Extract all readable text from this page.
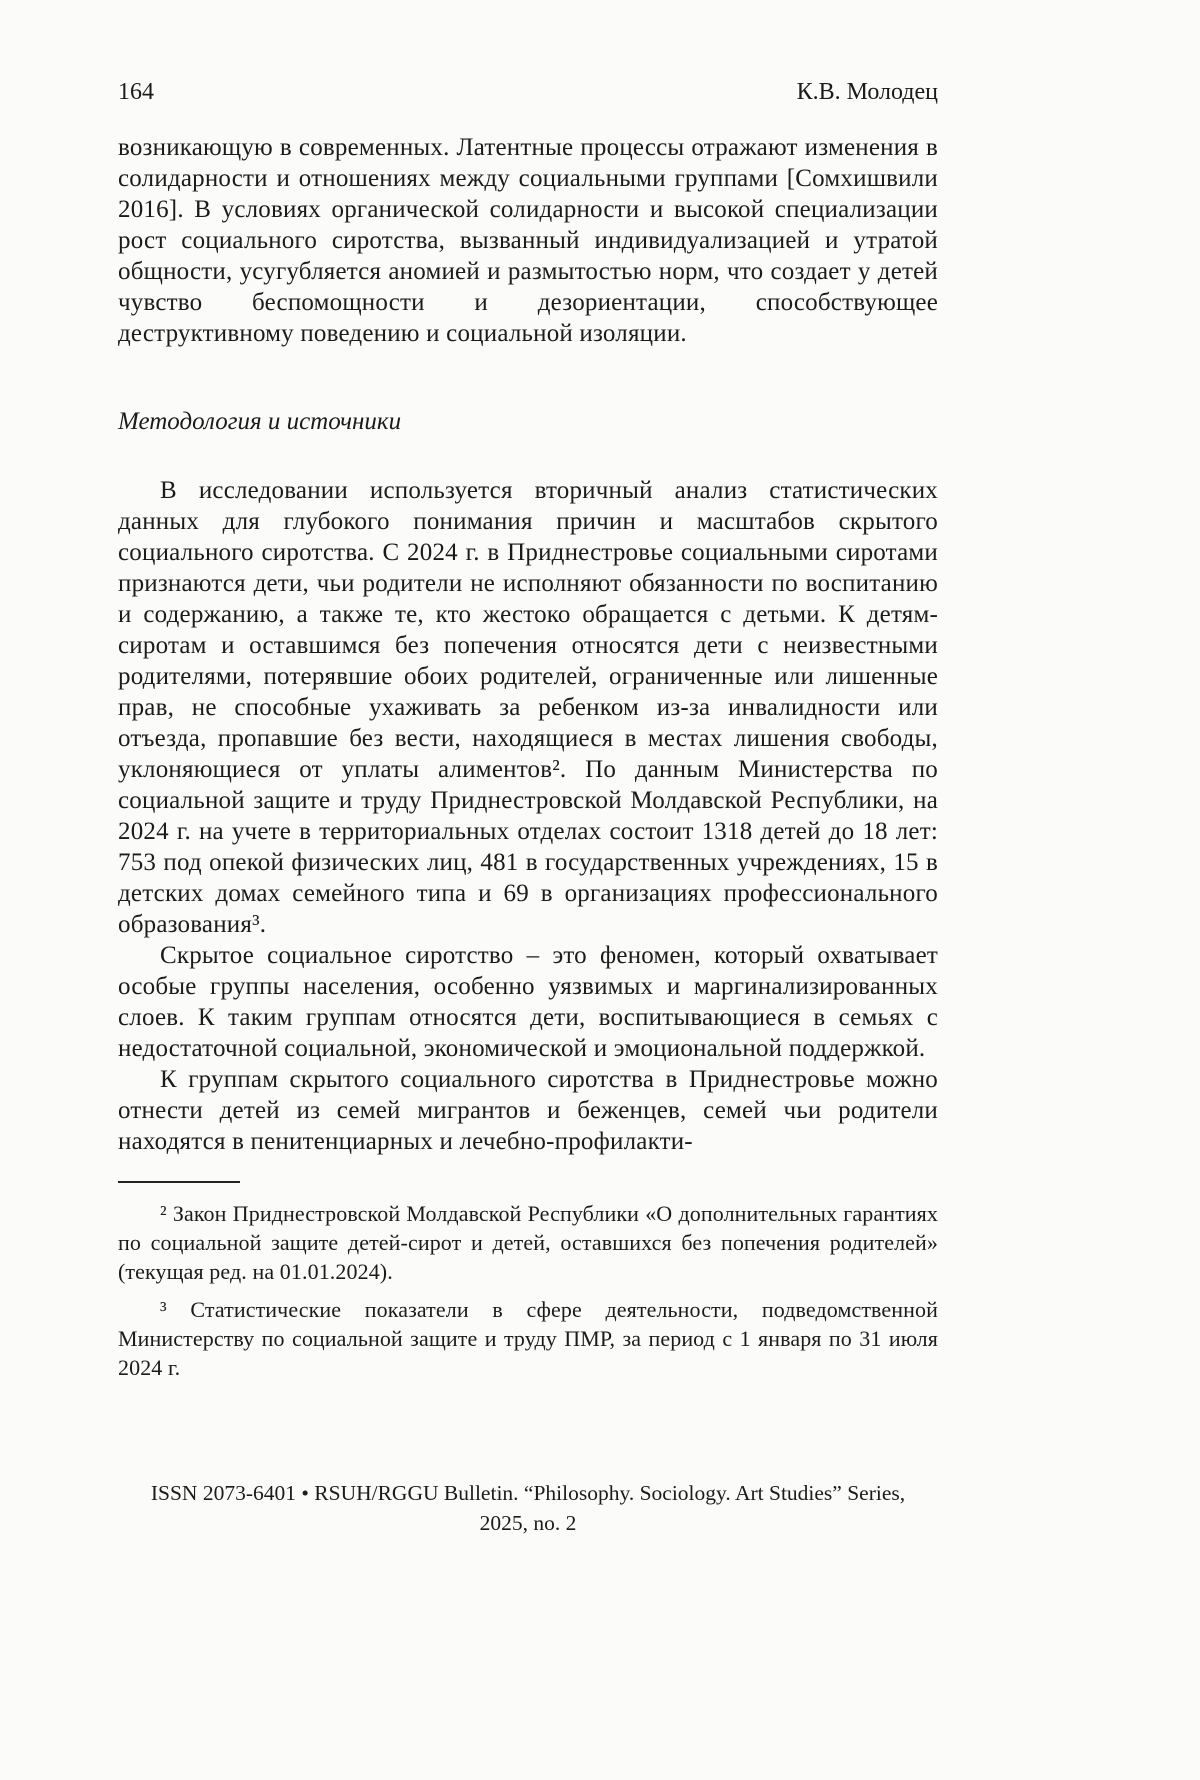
164	К.В. Молодец

возникающую в современных. Латентные процессы отражают изменения в солидарности и отношениях между социальными группами [Сомхишвили 2016]. В условиях органической солидарности и высокой специализации рост социального сиротства, вызванный индивидуализацией и утратой общности, усугубляется аномией и размытостью норм, что создает у детей чувство беспомощности и дезориентации, способствующее деструктивному поведению и социальной изоляции.

Методология и источники

В исследовании используется вторичный анализ статистических данных для глубокого понимания причин и масштабов скрытого социального сиротства. С 2024 г. в Приднестровье социальными сиротами признаются дети, чьи родители не исполняют обязанности по воспитанию и содержанию, а также те, кто жестоко обращается с детьми. К детям-сиротам и оставшимся без попечения относятся дети с неизвестными родителями, потерявшие обоих родителей, ограниченные или лишенные прав, не способные ухаживать за ребенком из-за инвалидности или отъезда, пропавшие без вести, находящиеся в местах лишения свободы, уклоняющиеся от уплаты алиментов². По данным Министерства по социальной защите и труду Приднестровской Молдавской Республики, на 2024 г. на учете в территориальных отделах состоит 1318 детей до 18 лет: 753 под опекой физических лиц, 481 в государственных учреждениях, 15 в детских домах семейного типа и 69 в организациях профессионального образования³.

Скрытое социальное сиротство – это феномен, который охватывает особые группы населения, особенно уязвимых и маргинализированных слоев. К таким группам относятся дети, воспитывающиеся в семьях с недостаточной социальной, экономической и эмоциональной поддержкой.

К группам скрытого социального сиротства в Приднестровье можно отнести детей из семей мигрантов и беженцев, семей чьи родители находятся в пенитенциарных и лечебно-профилакти-

² Закон Приднестровской Молдавской Республики «О дополнительных гарантиях по социальной защите детей-сирот и детей, оставшихся без попечения родителей» (текущая ред. на 01.01.2024).

³ Статистические показатели в сфере деятельности, подведомственной Министерству по социальной защите и труду ПМР, за период с 1 января по 31 июля 2024 г.

ISSN 2073-6401 • RSUH/RGGU Bulletin. “Philosophy. Sociology. Art Studies” Series,
2025, no. 2
